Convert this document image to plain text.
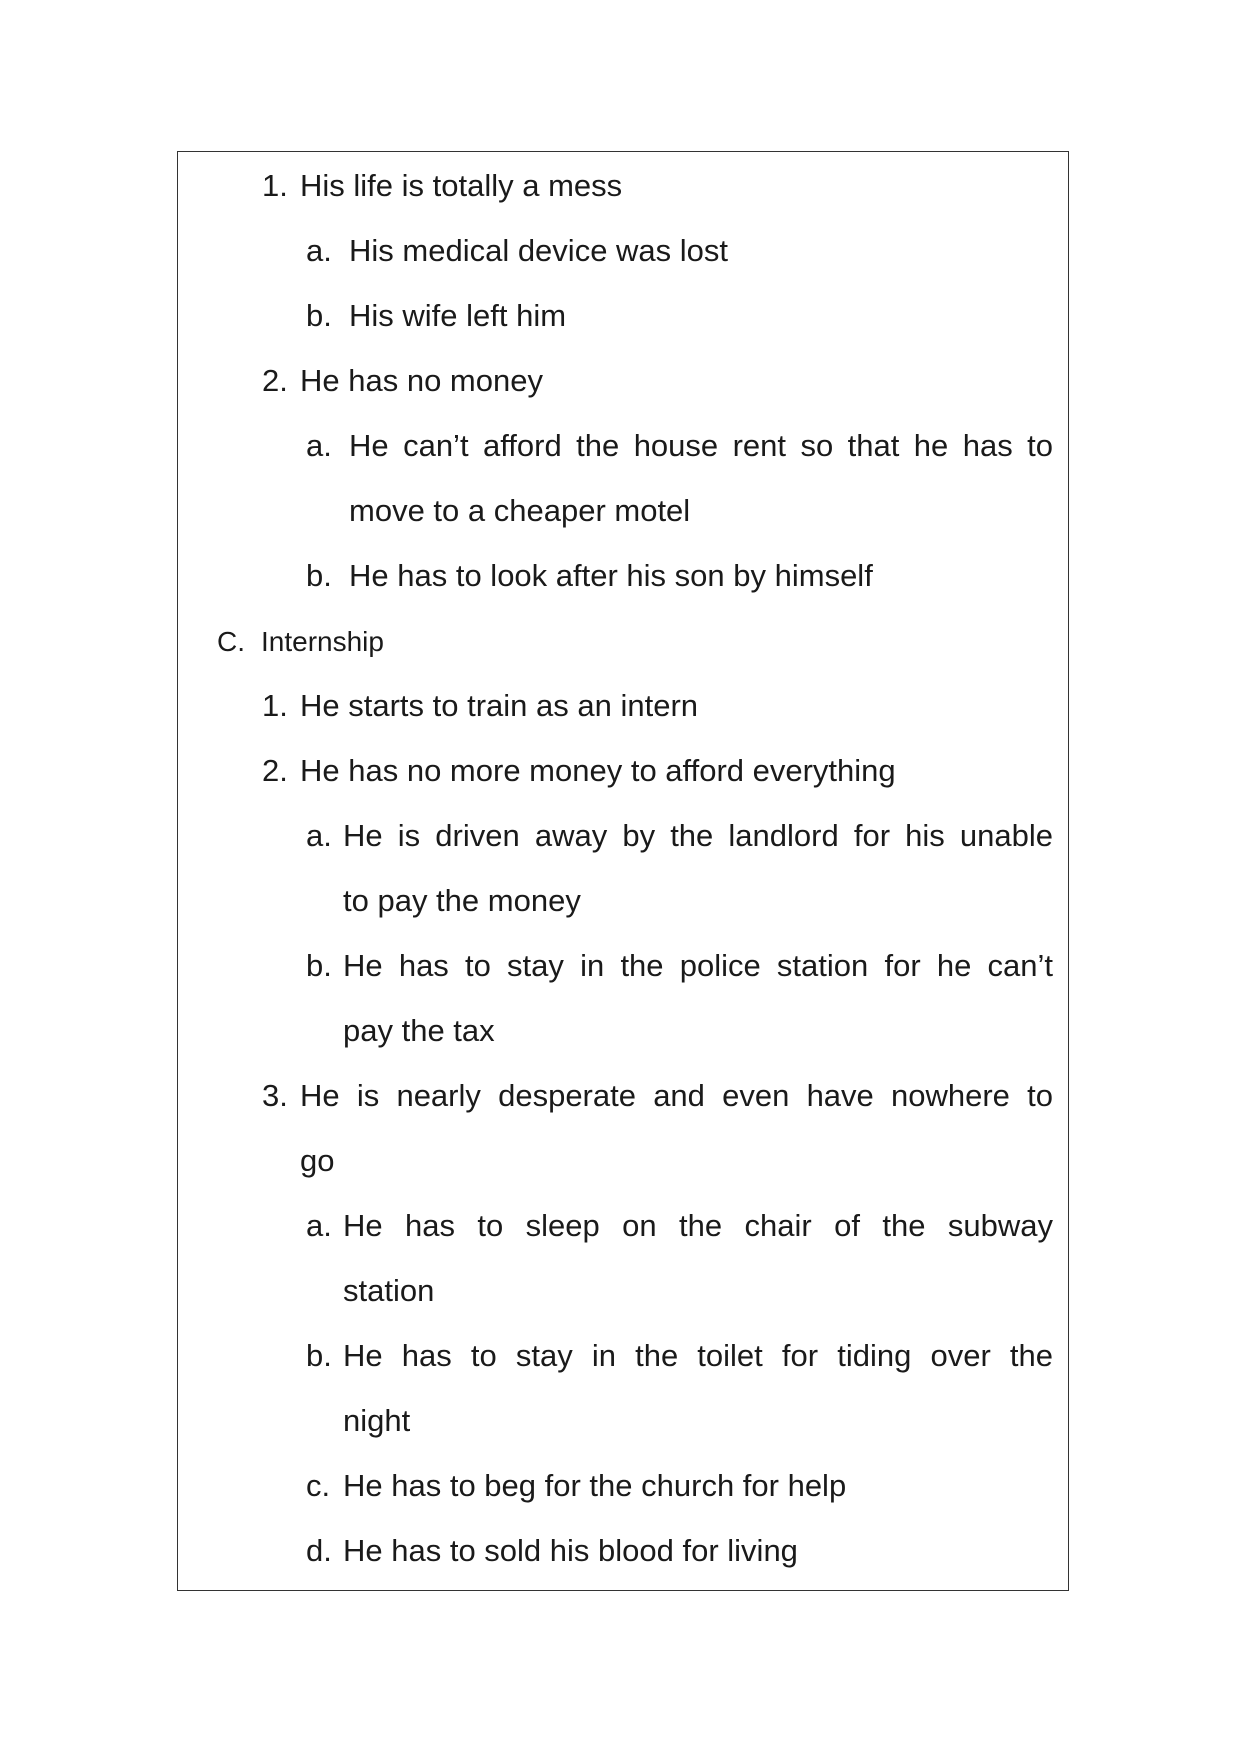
1. His life is totally a mess
a. His medical device was lost
b. His wife left him
2. He has no money
a. He can’t afford the house rent so that he has to
move to a cheaper motel
b. He has to look after his son by himself
C. Internship
1. He starts to train as an intern
2. He has no more money to afford everything
a. He is driven away by the landlord for his unable
to pay the money
b. He has to stay in the police station for he can’t
pay the tax
3. He is nearly desperate and even have nowhere to
go
a. He has to sleep on the chair of the subway
station
b. He has to stay in the toilet for tiding over the
night
c. He has to beg for the church for help
d. He has to sold his blood for living
